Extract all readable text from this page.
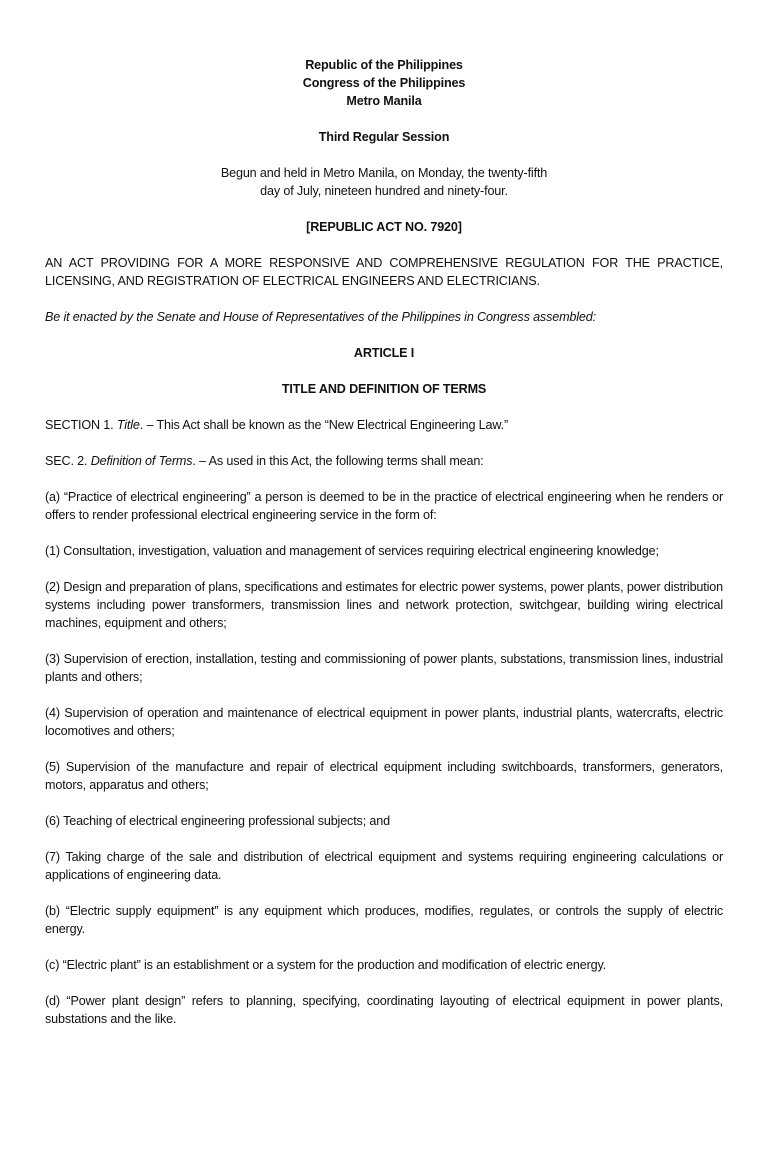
Republic of the Philippines
Congress of the Philippines
Metro Manila
Third Regular Session
Begun and held in Metro Manila, on Monday, the twenty-fifth
day of July, nineteen hundred and ninety-four.
[REPUBLIC ACT NO. 7920]

AN ACT PROVIDING FOR A MORE RESPONSIVE AND COMPREHENSIVE REGULATION FOR THE PRACTICE, LICENSING, AND REGISTRATION OF ELECTRICAL ENGINEERS AND ELECTRICIANS.

Be it enacted by the Senate and House of Representatives of the Philippines in Congress assembled:

ARTICLE I
TITLE AND DEFINITION OF TERMS

SECTION 1. Title. – This Act shall be known as the “New Electrical Engineering Law.”

SEC. 2. Definition of Terms. – As used in this Act, the following terms shall mean:

(a) “Practice of electrical engineering” a person is deemed to be in the practice of electrical engineering when he renders or offers to render professional electrical engineering service in the form of:

(1) Consultation, investigation, valuation and management of services requiring electrical engineering knowledge;

(2) Design and preparation of plans, specifications and estimates for electric power systems, power plants, power distribution systems including power transformers, transmission lines and network protection, switchgear, building wiring electrical machines, equipment and others;

(3) Supervision of erection, installation, testing and commissioning of power plants, substations, transmission lines, industrial plants and others;

(4) Supervision of operation and maintenance of electrical equipment in power plants, industrial plants, watercrafts, electric locomotives and others;

(5) Supervision of the manufacture and repair of electrical equipment including switchboards, transformers, generators, motors, apparatus and others;

(6) Teaching of electrical engineering professional subjects; and

(7) Taking charge of the sale and distribution of electrical equipment and systems requiring engineering calculations or applications of engineering data.

(b) “Electric supply equipment” is any equipment which produces, modifies, regulates, or controls the supply of electric energy.

(c) “Electric plant” is an establishment or a system for the production and modification of electric energy.

(d) “Power plant design” refers to planning, specifying, coordinating layouting of electrical equipment in power plants, substations and the like.
